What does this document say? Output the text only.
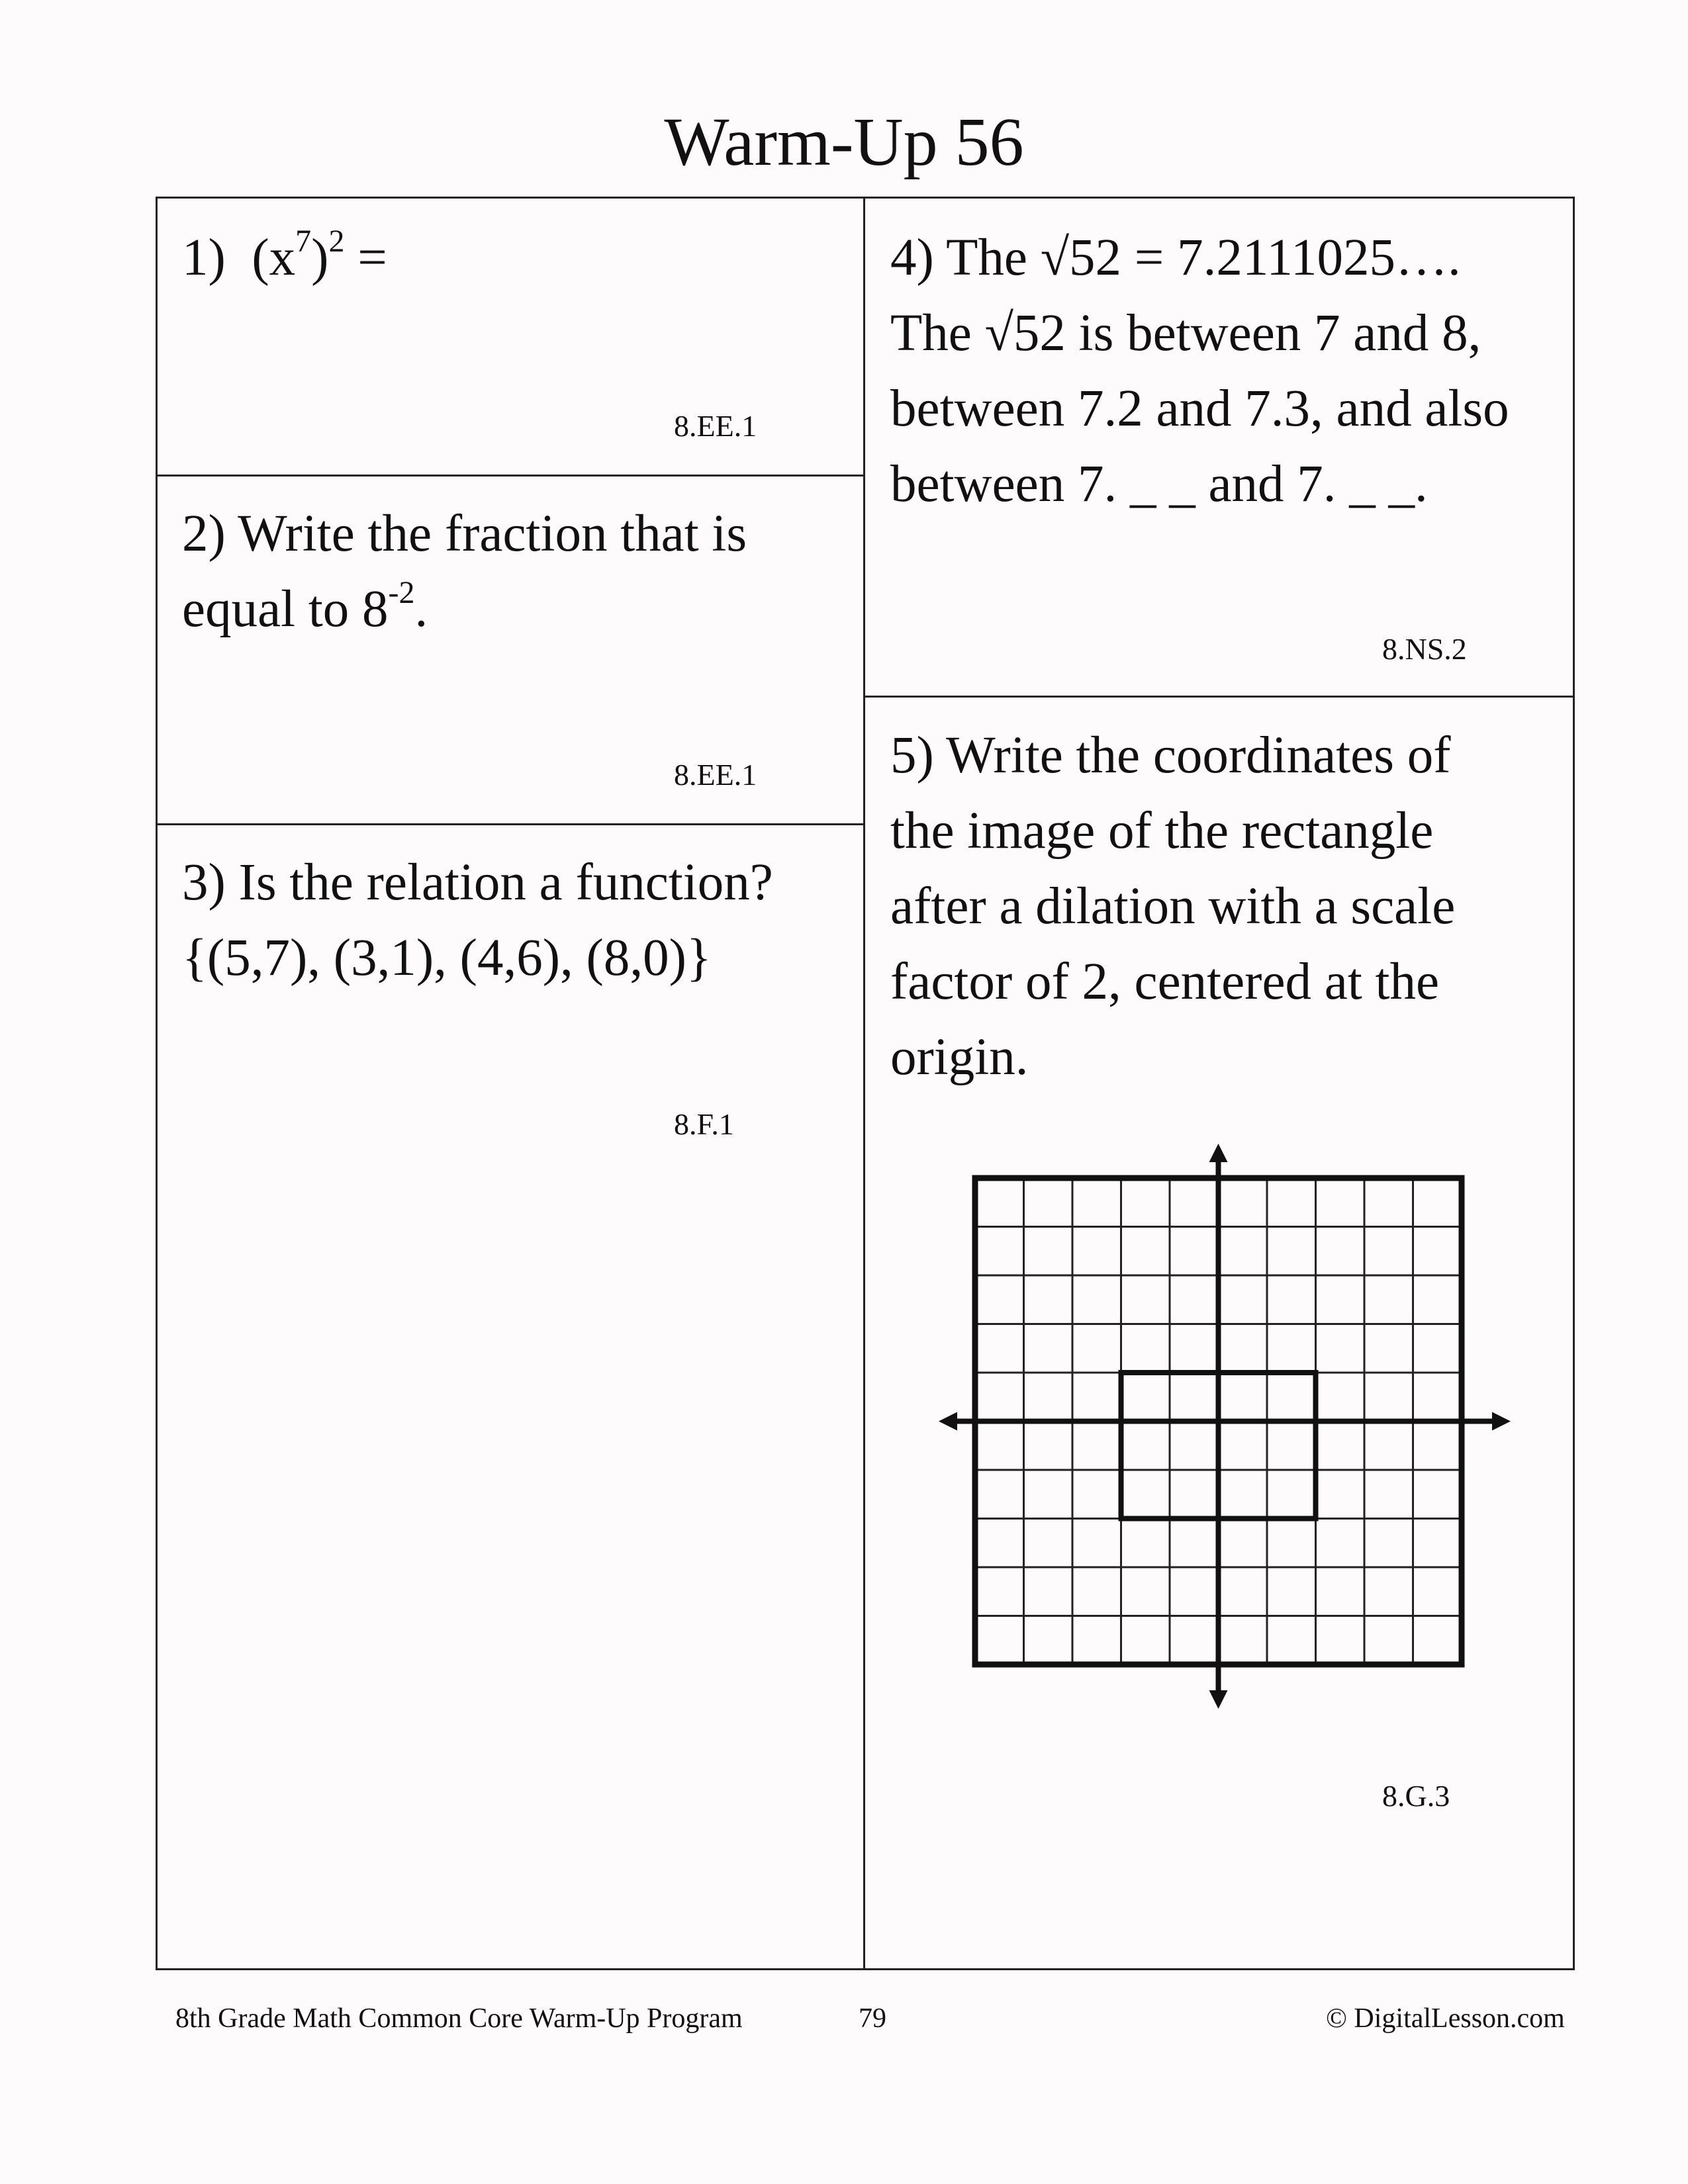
Warm-Up 56
1) $(x^7)^2$ =
8.EE.1
2) Write the fraction that is
equal to $8^{-2}$.
8.EE.1
3) Is the relation a function?
{(5,7), (3,1), (4,6), (8,0)}
8.F.1
4) The √52 = 7.2111025….
The √52 is between 7 and 8,
between 7.2 and 7.3, and also
between 7. _ _ and 7. _ _.
8.NS.2
5) Write the coordinates of
the image of the rectangle
after a dilation with a scale
factor of 2, centered at the
origin.
8.G.3
8th Grade Math Common Core Warm-Up Program	79	© DigitalLesson.com
